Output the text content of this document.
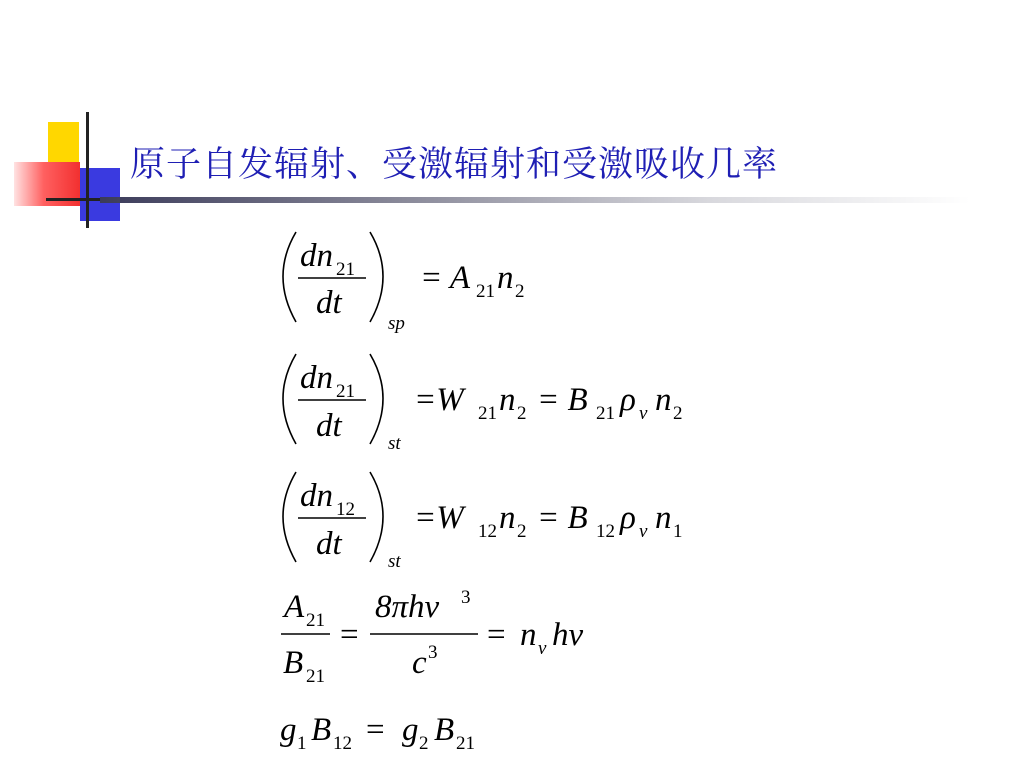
原子自发辐射、受激辐射和受激吸收几率
dn 21
dt
sp
= A 21 n 2
dn 21
dt st
=W 21 n 2 = B 21 ρ ν n 2
dn 12
dt st
=W 12 n 2 = B 12 ρ ν n 1
A 21
B 21
=
8πhν 3
c 3 = n ν hν
g 1 B 12 = g 2 B 21
